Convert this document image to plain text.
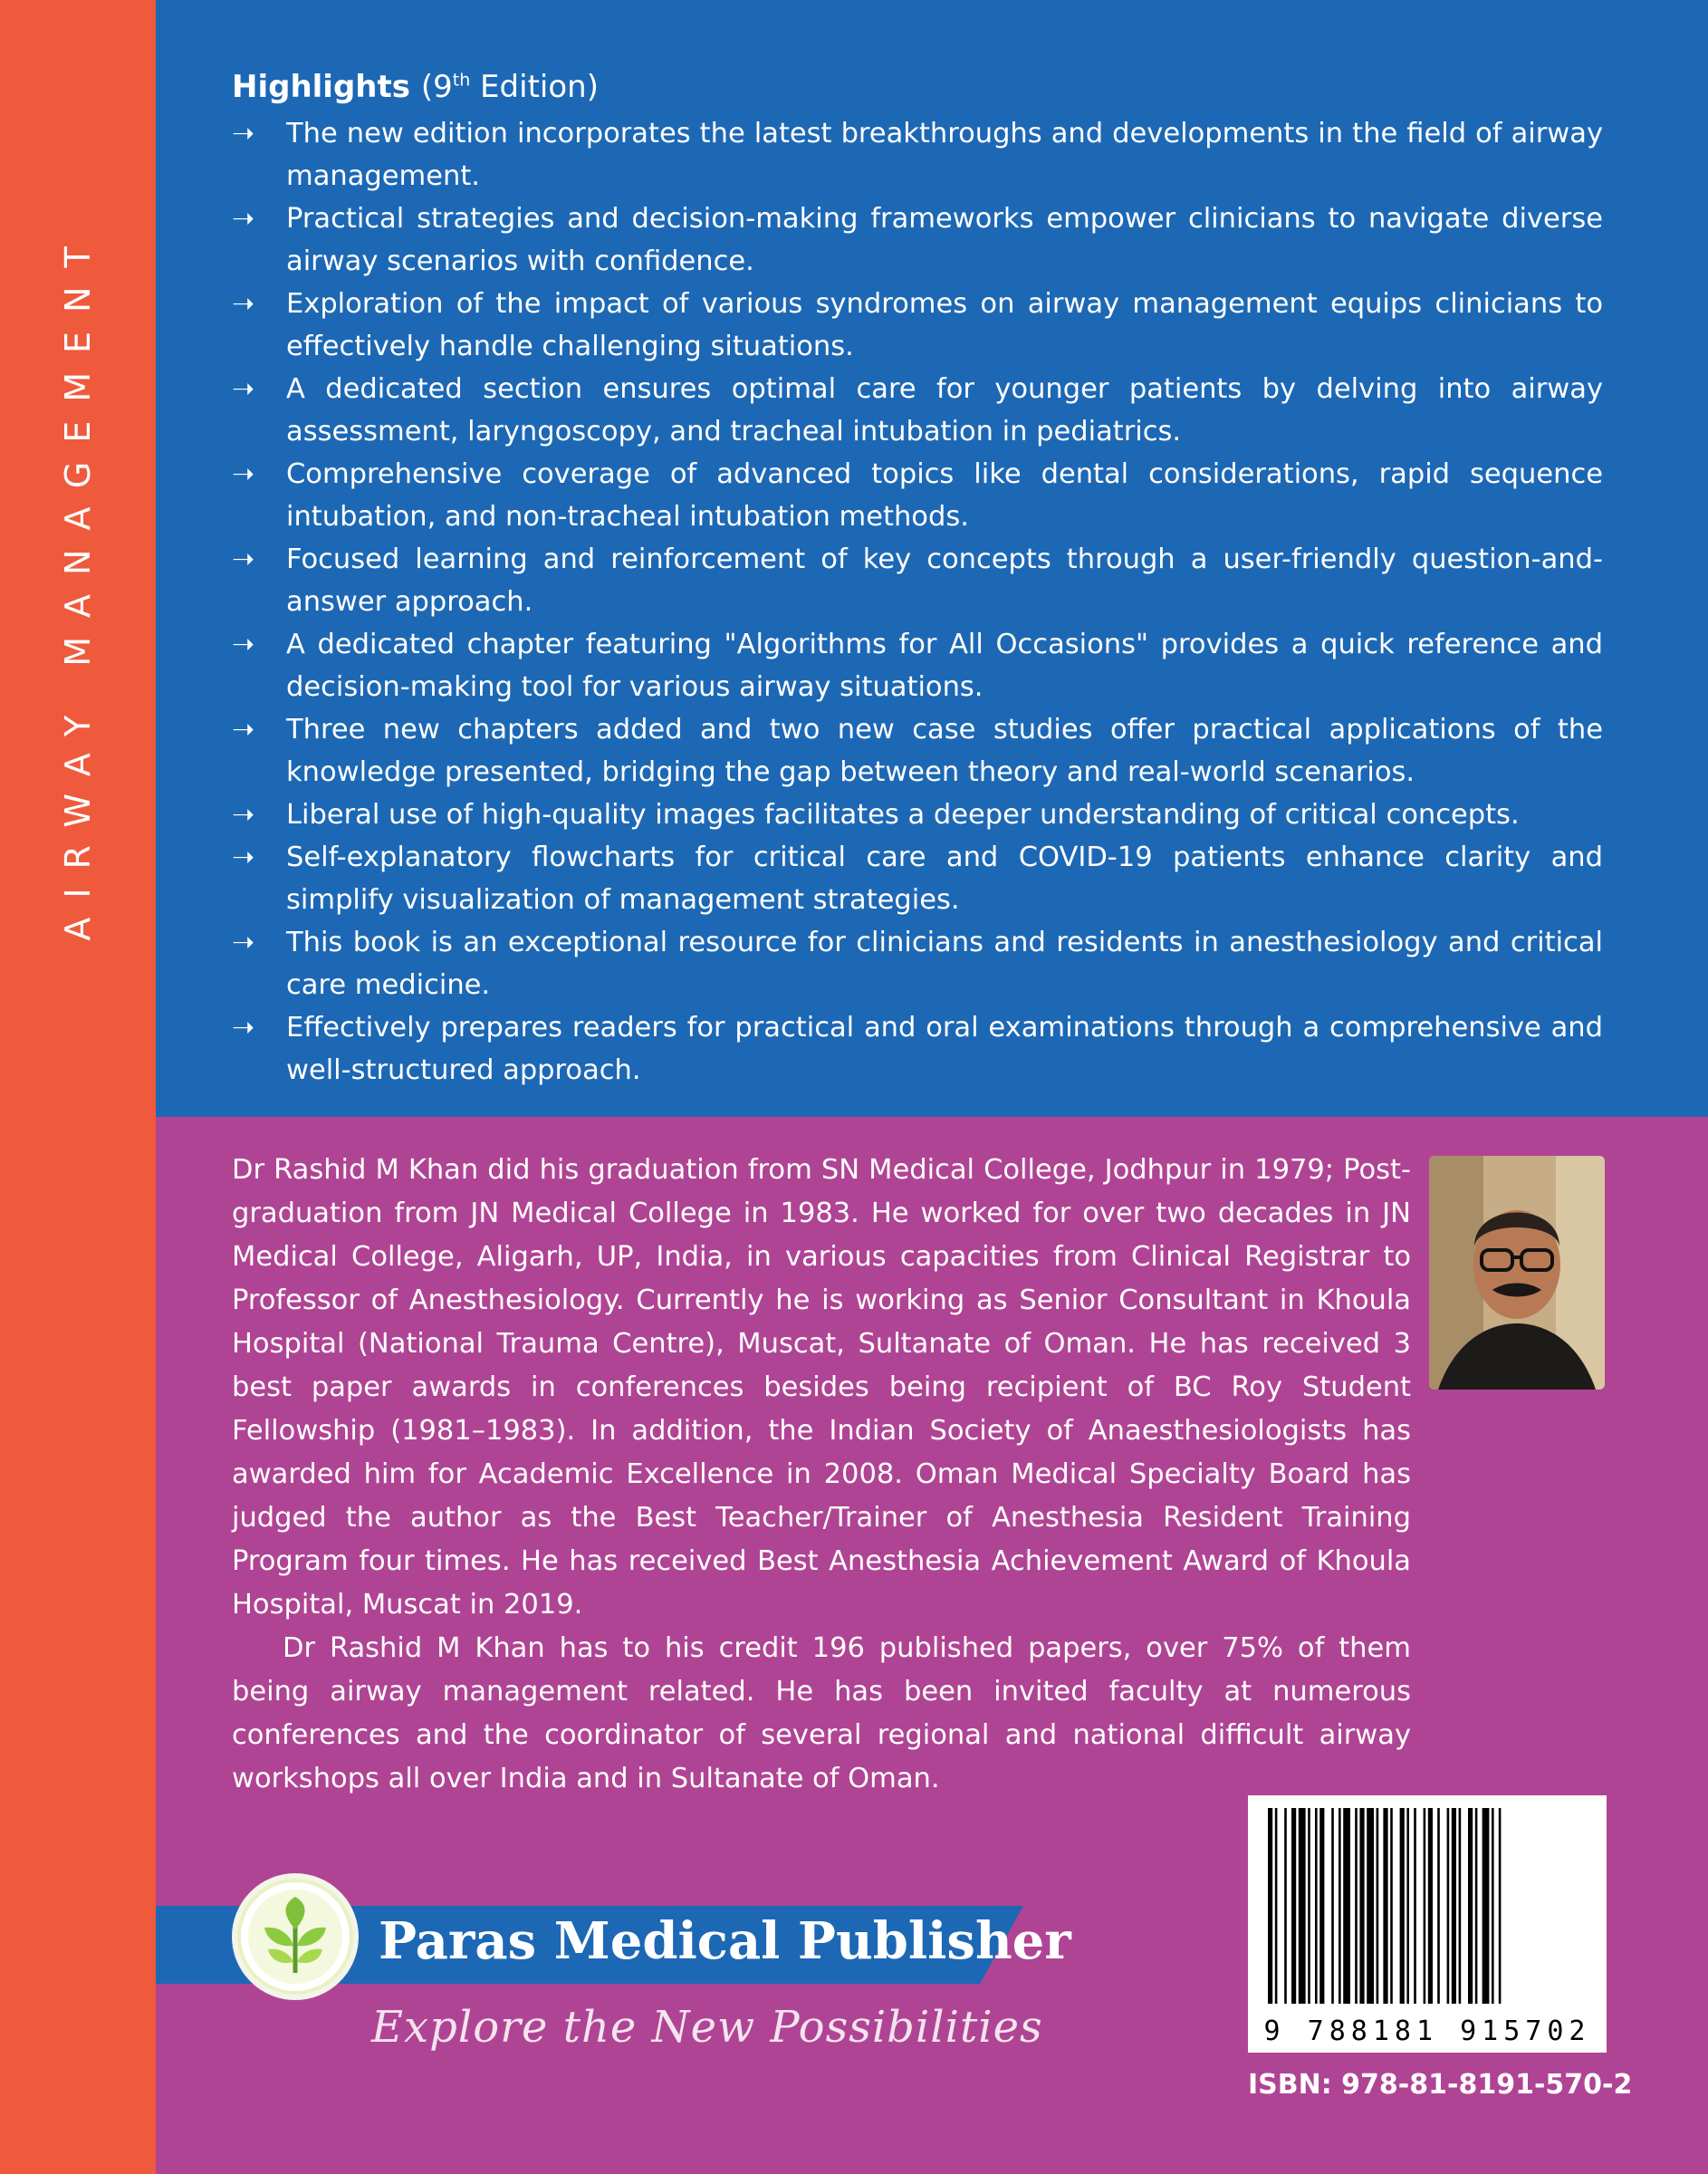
AIRWAY MANAGEMENT
Highlights (9th Edition)
➝ The new edition incorporates the latest breakthroughs and developments in the field of airway management.
➝ Practical strategies and decision-making frameworks empower clinicians to navigate diverse airway scenarios with confidence.
➝ Exploration of the impact of various syndromes on airway management equips clinicians to effectively handle challenging situations.
➝ A dedicated section ensures optimal care for younger patients by delving into airway assessment, laryngoscopy, and tracheal intubation in pediatrics.
➝ Comprehensive coverage of advanced topics like dental considerations, rapid sequence intubation, and non-tracheal intubation methods.
➝ Focused learning and reinforcement of key concepts through a user-friendly question-and-answer approach.
➝ A dedicated chapter featuring "Algorithms for All Occasions" provides a quick reference and decision-making tool for various airway situations.
➝ Three new chapters added and two new case studies offer practical applications of the knowledge presented, bridging the gap between theory and real-world scenarios.
➝ Liberal use of high-quality images facilitates a deeper understanding of critical concepts.
➝ Self-explanatory flowcharts for critical care and COVID-19 patients enhance clarity and simplify visualization of management strategies.
➝ This book is an exceptional resource for clinicians and residents in anesthesiology and critical care medicine.
➝ Effectively prepares readers for practical and oral examinations through a comprehensive and well-structured approach.

Dr Rashid M Khan did his graduation from SN Medical College, Jodhpur in 1979; Post-graduation from JN Medical College in 1983. He worked for over two decades in JN Medical College, Aligarh, UP, India, in various capacities from Clinical Registrar to Professor of Anesthesiology. Currently he is working as Senior Consultant in Khoula Hospital (National Trauma Centre), Muscat, Sultanate of Oman. He has received 3 best paper awards in conferences besides being recipient of BC Roy Student Fellowship (1981–1983). In addition, the Indian Society of Anaesthesiologists has awarded him for Academic Excellence in 2008. Oman Medical Specialty Board has judged the author as the Best Teacher/Trainer of Anesthesia Resident Training Program four times. He has received Best Anesthesia Achievement Award of Khoula Hospital, Muscat in 2019.

Dr Rashid M Khan has to his credit 196 published papers, over 75% of them being airway management related. He has been invited faculty at numerous conferences and the coordinator of several regional and national difficult airway workshops all over India and in Sultanate of Oman.

Paras Medical Publisher
Explore the New Possibilities	9 788181 915702
ISBN: 978-81-8191-570-2
